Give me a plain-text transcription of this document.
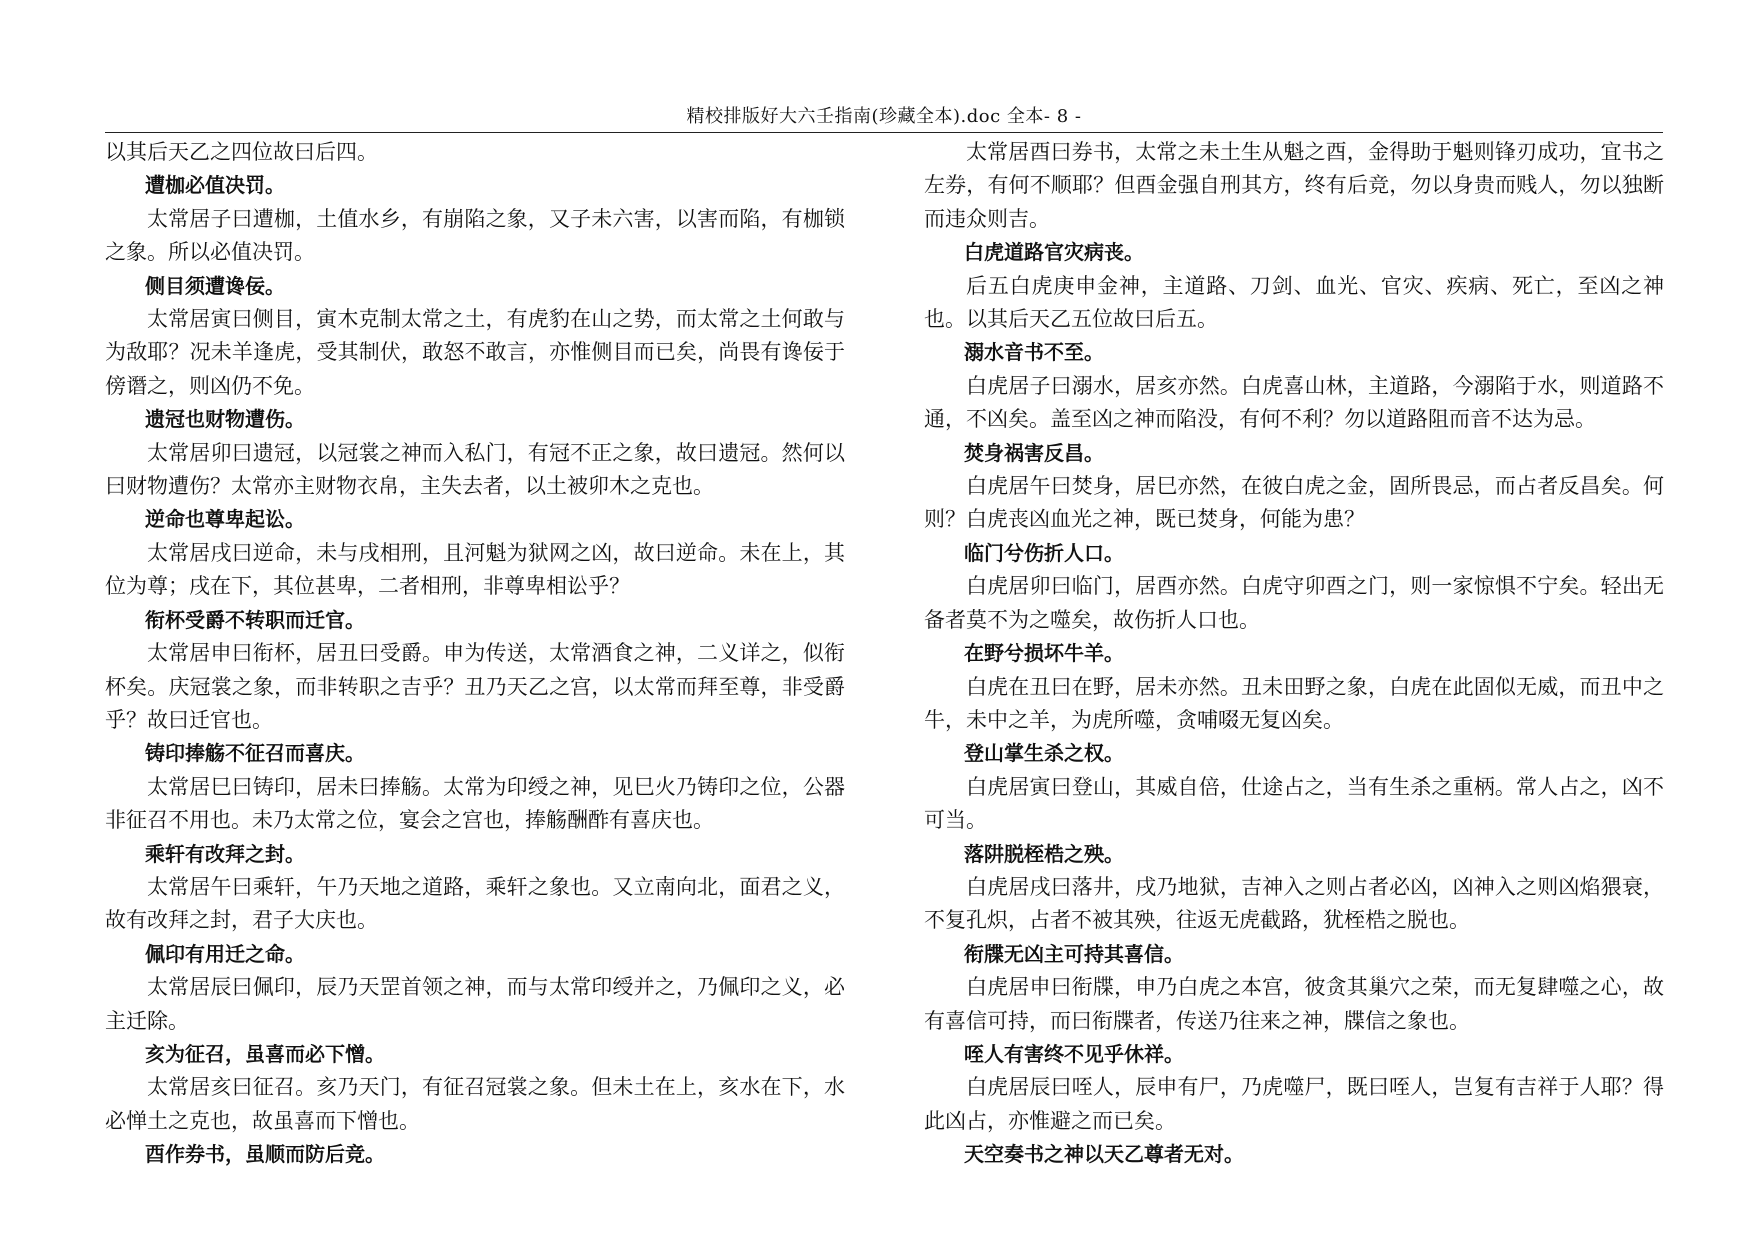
精校排版好大六壬指南(珍藏全本).doc 全本- 8 -

以其后天乙之四位故曰后四。

遭枷必值决罚。

太常居子曰遭枷，土值水乡，有崩陷之象，又子未六害，以害而陷，有枷锁之象。所以必值决罚。

侧目须遭谗佞。

太常居寅曰侧目，寅木克制太常之土，有虎豹在山之势，而太常之土何敢与为敌耶？况未羊逢虎，受其制伏，敢怒不敢言，亦惟侧目而已矣，尚畏有谗佞于傍谮之，则凶仍不免。

遗冠也财物遭伤。

太常居卯曰遗冠，以冠裳之神而入私门，有冠不正之象，故曰遗冠。然何以曰财物遭伤？太常亦主财物衣帛，主失去者，以土被卯木之克也。

逆命也尊卑起讼。

太常居戌曰逆命，未与戌相刑，且河魁为狱网之凶，故曰逆命。未在上，其位为尊；戌在下，其位甚卑，二者相刑，非尊卑相讼乎？

衔杯受爵不转职而迁官。

太常居申曰衔杯，居丑曰受爵。申为传送，太常酒食之神，二义详之，似衔杯矣。庆冠裳之象，而非转职之吉乎？丑乃天乙之宫，以太常而拜至尊，非受爵乎？故曰迁官也。

铸印捧觞不征召而喜庆。

太常居巳曰铸印，居未曰捧觞。太常为印绶之神，见巳火乃铸印之位，公器非征召不用也。未乃太常之位，宴会之宫也，捧觞酬酢有喜庆也。

乘轩有改拜之封。

太常居午曰乘轩，午乃天地之道路，乘轩之象也。又立南向北，面君之义，故有改拜之封，君子大庆也。

佩印有用迁之命。

太常居辰曰佩印，辰乃天罡首领之神，而与太常印绶并之，乃佩印之义，必主迁除。

亥为征召，虽喜而必下憎。

太常居亥曰征召。亥乃天门，有征召冠裳之象。但未土在上，亥水在下，水必惮土之克也，故虽喜而下憎也。

酉作券书，虽顺而防后竞。

太常居酉曰券书，太常之未土生从魁之酉，金得助于魁则锋刃成功，宜书之左券，有何不顺耶？但酉金强自刑其方，终有后竞，勿以身贵而贱人，勿以独断而违众则吉。

白虎道路官灾病丧。

后五白虎庚申金神，主道路、刀剑、血光、官灾、疾病、死亡，至凶之神也。以其后天乙五位故曰后五。

溺水音书不至。

白虎居子曰溺水，居亥亦然。白虎喜山林，主道路，今溺陷于水，则道路不通，不凶矣。盖至凶之神而陷没，有何不利？勿以道路阻而音不达为忌。

焚身祸害反昌。

白虎居午曰焚身，居巳亦然，在彼白虎之金，固所畏忌，而占者反昌矣。何则？白虎丧凶血光之神，既已焚身，何能为患？

临门兮伤折人口。

白虎居卯曰临门，居酉亦然。白虎守卯酉之门，则一家惊惧不宁矣。轻出无备者莫不为之噬矣，故伤折人口也。

在野兮损坏牛羊。

白虎在丑曰在野，居未亦然。丑未田野之象，白虎在此固似无威，而丑中之牛，未中之羊，为虎所噬，贪哺啜无复凶矣。

登山掌生杀之权。

白虎居寅曰登山，其威自倍，仕途占之，当有生杀之重柄。常人占之，凶不可当。

落阱脱桎梏之殃。

白虎居戌曰落井，戌乃地狱，吉神入之则占者必凶，凶神入之则凶焰猥衰，不复孔炽，占者不被其殃，往返无虎截路，犹桎梏之脱也。

衔牒无凶主可持其喜信。

白虎居申曰衔牒，申乃白虎之本宫，彼贪其巢穴之荣，而无复肆噬之心，故有喜信可持，而曰衔牒者，传送乃往来之神，牒信之象也。

咥人有害终不见乎休祥。

白虎居辰曰咥人，辰申有尸，乃虎噬尸，既曰咥人，岂复有吉祥于人耶？得此凶占，亦惟避之而已矣。

天空奏书之神以天乙尊者无对。
